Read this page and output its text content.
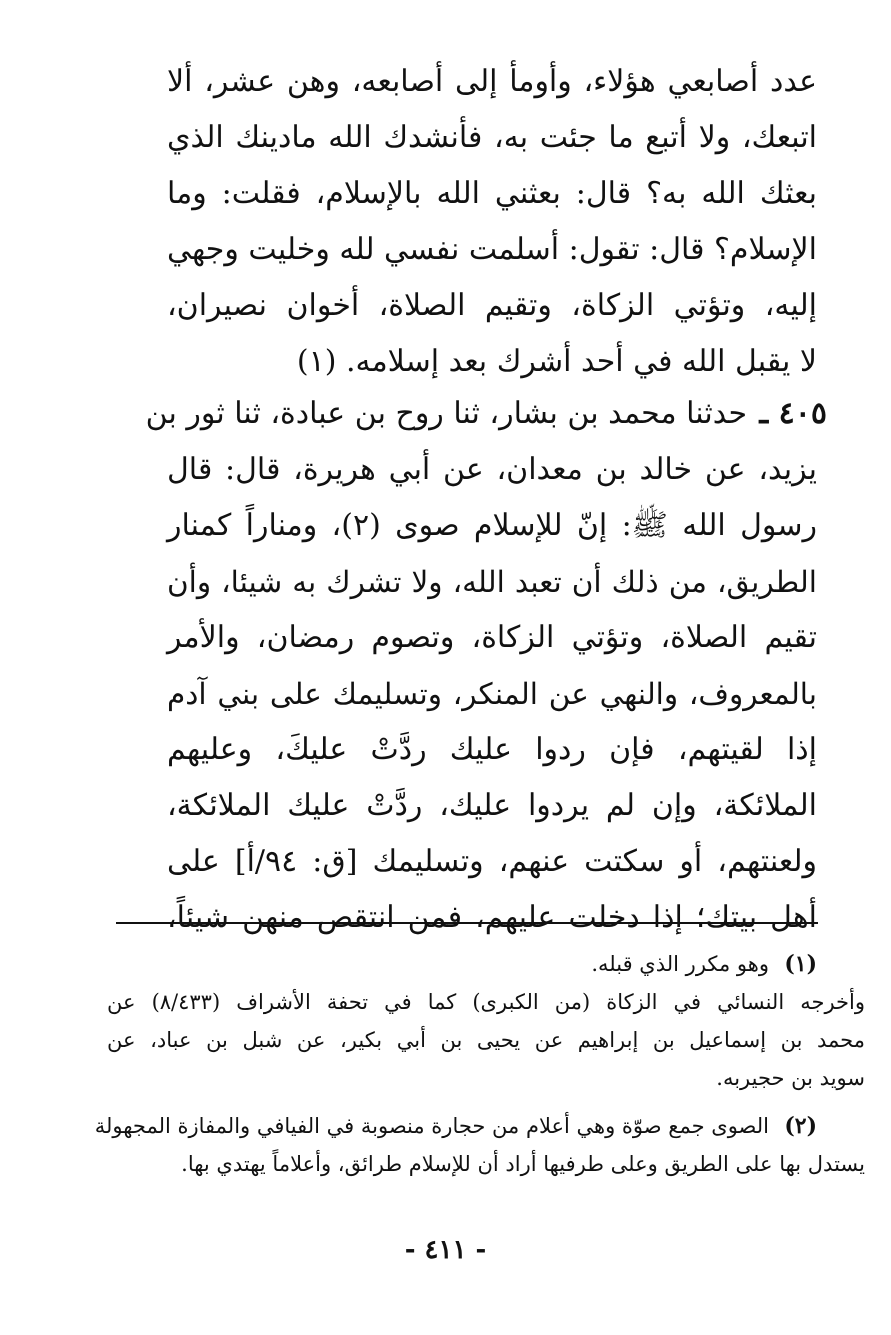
عدد أصابعي هؤلاء، وأومأ إلى أصابعه، وهن عشر، ألا
اتبعك، ولا أتبع ما جئت به، فأنشدك الله مادينك الذي
بعثك الله به؟ قال: بعثني الله بالإسلام، فقلت: وما
الإسلام؟ قال: تقول: أسلمت نفسي لله وخليت وجهي
إليه، وتؤتي الزكاة، وتقيم الصلاة، أخوان نصيران،
لا يقبل الله في أحد أشرك بعد إسلامه. (١)
٤٠٥ ـ
حدثنا محمد بن بشار، ثنا روح بن عبادة، ثنا ثور بن
يزيد، عن خالد بن معدان، عن أبي هريرة، قال: قال
رسول الله ﷺ: إنّ للإسلام صوى (٢)، ومناراً كمنار
الطريق، من ذلك أن تعبد الله، ولا تشرك به شيئا، وأن
تقيم الصلاة، وتؤتي الزكاة، وتصوم رمضان، والأمر
بالمعروف، والنهي عن المنكر، وتسليمك على بني آدم
إذا لقيتهم، فإن ردوا عليك ردَّتْ عليكَ، وعليهم
الملائكة، وإن لم يردوا عليك، ردَّتْ عليك الملائكة،
ولعنتهم، أو سكتت عنهم، وتسليمك [ق: ٩٤/أ] على
أهل بيتك؛ إذا دخلت عليهم، فمن انتقص منهن شيئاً،
(١)
وهو مكرر الذي قبله.
وأخرجه النسائي في الزكاة (من الكبرى) كما في تحفة الأشراف (٨/٤٣٣) عن
محمد بن إسماعيل بن إبراهيم عن يحيى بن أبي بكير، عن شبل بن عباد، عن
سويد بن حجيربه.
(٢)
الصوى جمع صوّة وهي أعلام من حجارة منصوبة في الفيافي والمفازة المجهولة
يستدل بها على الطريق وعلى طرفيها أراد أن للإسلام طرائق، وأعلاماً يهتدي بها.
- ٤١١ -
